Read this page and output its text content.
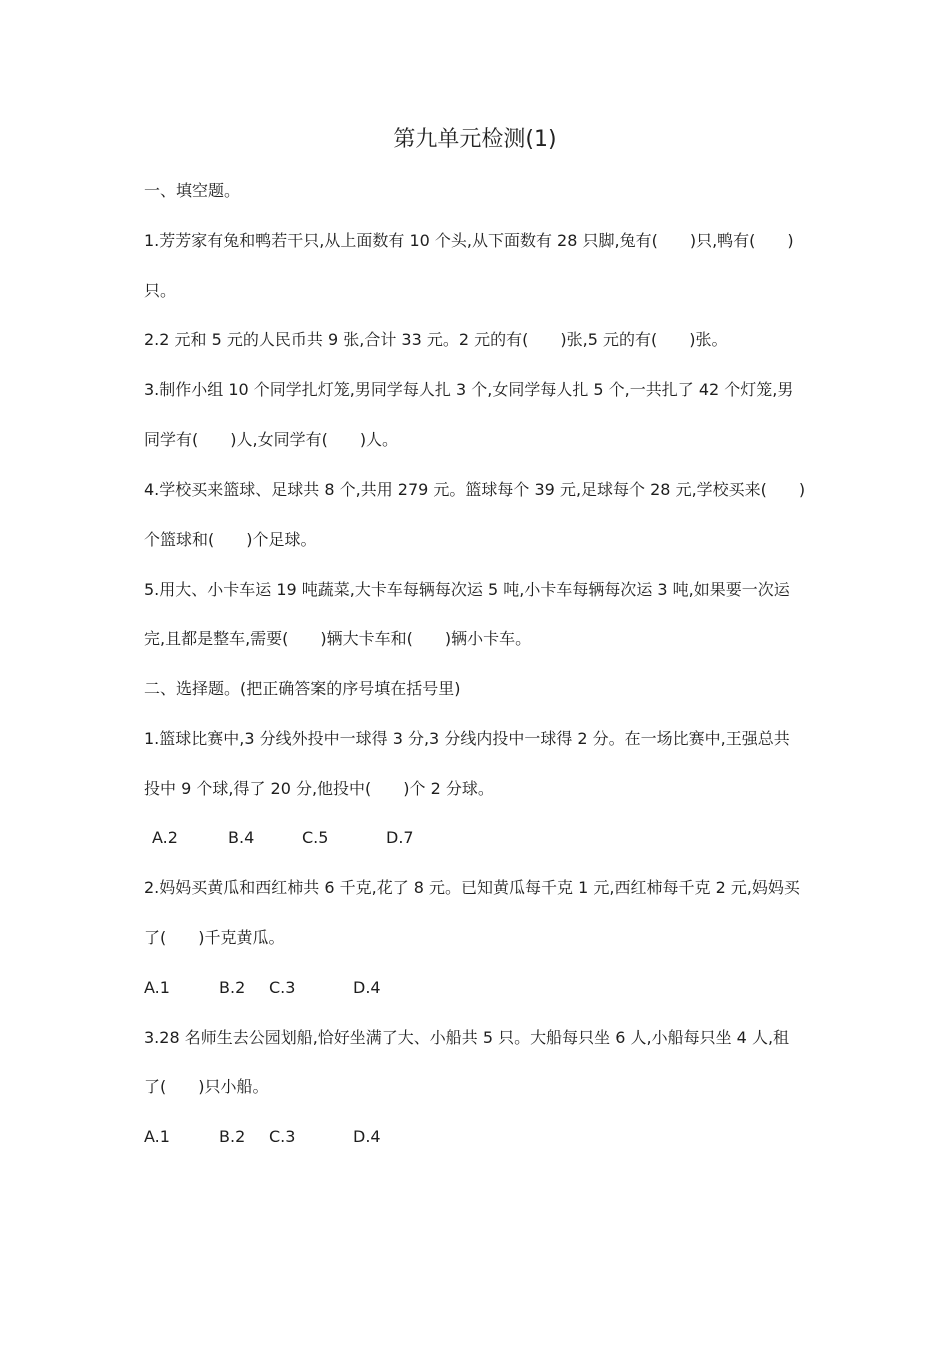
第九单元检测(1)
一、填空题。
1.芳芳家有兔和鸭若干只,从上面数有 10 个头,从下面数有 28 只脚,兔有(　　)只,鸭有(　　)
只。
2.2 元和 5 元的人民币共 9 张,合计 33 元。2 元的有(　　)张,5 元的有(　　)张。
3.制作小组 10 个同学扎灯笼,男同学每人扎 3 个,女同学每人扎 5 个,一共扎了 42 个灯笼,男
同学有(　　)人,女同学有(　　)人。
4.学校买来篮球、足球共 8 个,共用 279 元。篮球每个 39 元,足球每个 28 元,学校买来(　　)
个篮球和(　　)个足球。
5.用大、小卡车运 19 吨蔬菜,大卡车每辆每次运 5 吨,小卡车每辆每次运 3 吨,如果要一次运
完,且都是整车,需要(　　)辆大卡车和(　　)辆小卡车。
二、选择题。(把正确答案的序号填在括号里)
1.篮球比赛中,3 分线外投中一球得 3 分,3 分线内投中一球得 2 分。在一场比赛中,王强总共
投中 9 个球,得了 20 分,他投中(　　)个 2 分球。
A.2	B.4	C.5	D.7
2.妈妈买黄瓜和西红柿共 6 千克,花了 8 元。已知黄瓜每千克 1 元,西红柿每千克 2 元,妈妈买
了(　　)千克黄瓜。
A.1	B.2 C.3	D.4
3.28 名师生去公园划船,恰好坐满了大、小船共 5 只。大船每只坐 6 人,小船每只坐 4 人,租
了(　　)只小船。
A.1	B.2 C.3	D.4
